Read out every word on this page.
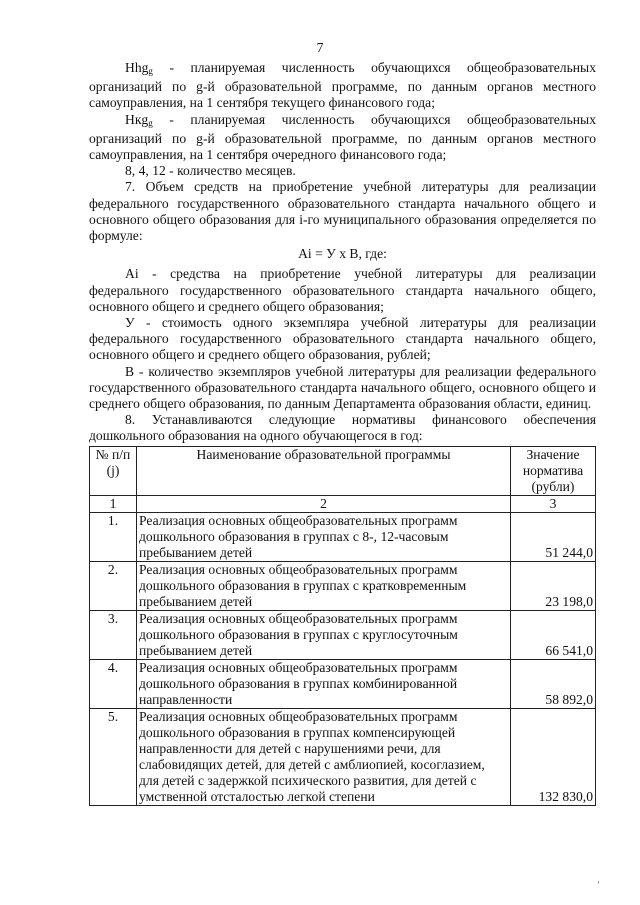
7

Hhg$_g$ - планируемая численность обучающихся общеобразовательных организаций по g-й образовательной программе, по данным органов местного самоуправления, на 1 сентября текущего финансового года;

Hкg$_g$ - планируемая численность обучающихся общеобразовательных организаций по g-й образовательной программе, по данным органов местного самоуправления, на 1 сентября очередного финансового года;

8, 4, 12 - количество месяцев.

7. Объем средств на приобретение учебной литературы для реализации федерального государственного образовательного стандарта начального общего и основного общего образования для i-го муниципального образования определяется по формуле:

Ai = У х В, где:

Ai - средства на приобретение учебной литературы для реализации федерального государственного образовательного стандарта начального общего, основного общего и среднего общего образования;

У - стоимость одного экземпляра учебной литературы для реализации федерального государственного образовательного стандарта начального общего, основного общего и среднего общего образования, рублей;

В - количество экземпляров учебной литературы для реализации федерального государственного образовательного стандарта начального общего, основного общего и среднего общего образования, по данным Департамента образования области, единиц.

8. Устанавливаются следующие нормативы финансового обеспечения дошкольного образования на одного обучающегося в год:

№ п/п (j)	Наименование образовательной программы	Значение норматива (рубли)
1	2	3
1.	Реализация основных общеобразовательных программ дошкольного образования в группах с 8-, 12-часовым пребыванием детей	51 244,0
2.	Реализация основных общеобразовательных программ дошкольного образования в группах с кратковременным пребыванием детей	23 198,0
3.	Реализация основных общеобразовательных программ дошкольного образования в группах с круглосуточным пребыванием детей	66 541,0
4.	Реализация основных общеобразовательных программ дошкольного образования в группах комбинированной направленности	58 892,0
5.	Реализация основных общеобразовательных программ дошкольного образования в группах компенсирующей направленности для детей с нарушениями речи, для слабовидящих детей, для детей с амблиопией, косоглазием, для детей с задержкой психического развития, для детей с умственной отсталостью легкой степени	132 830,0
'
